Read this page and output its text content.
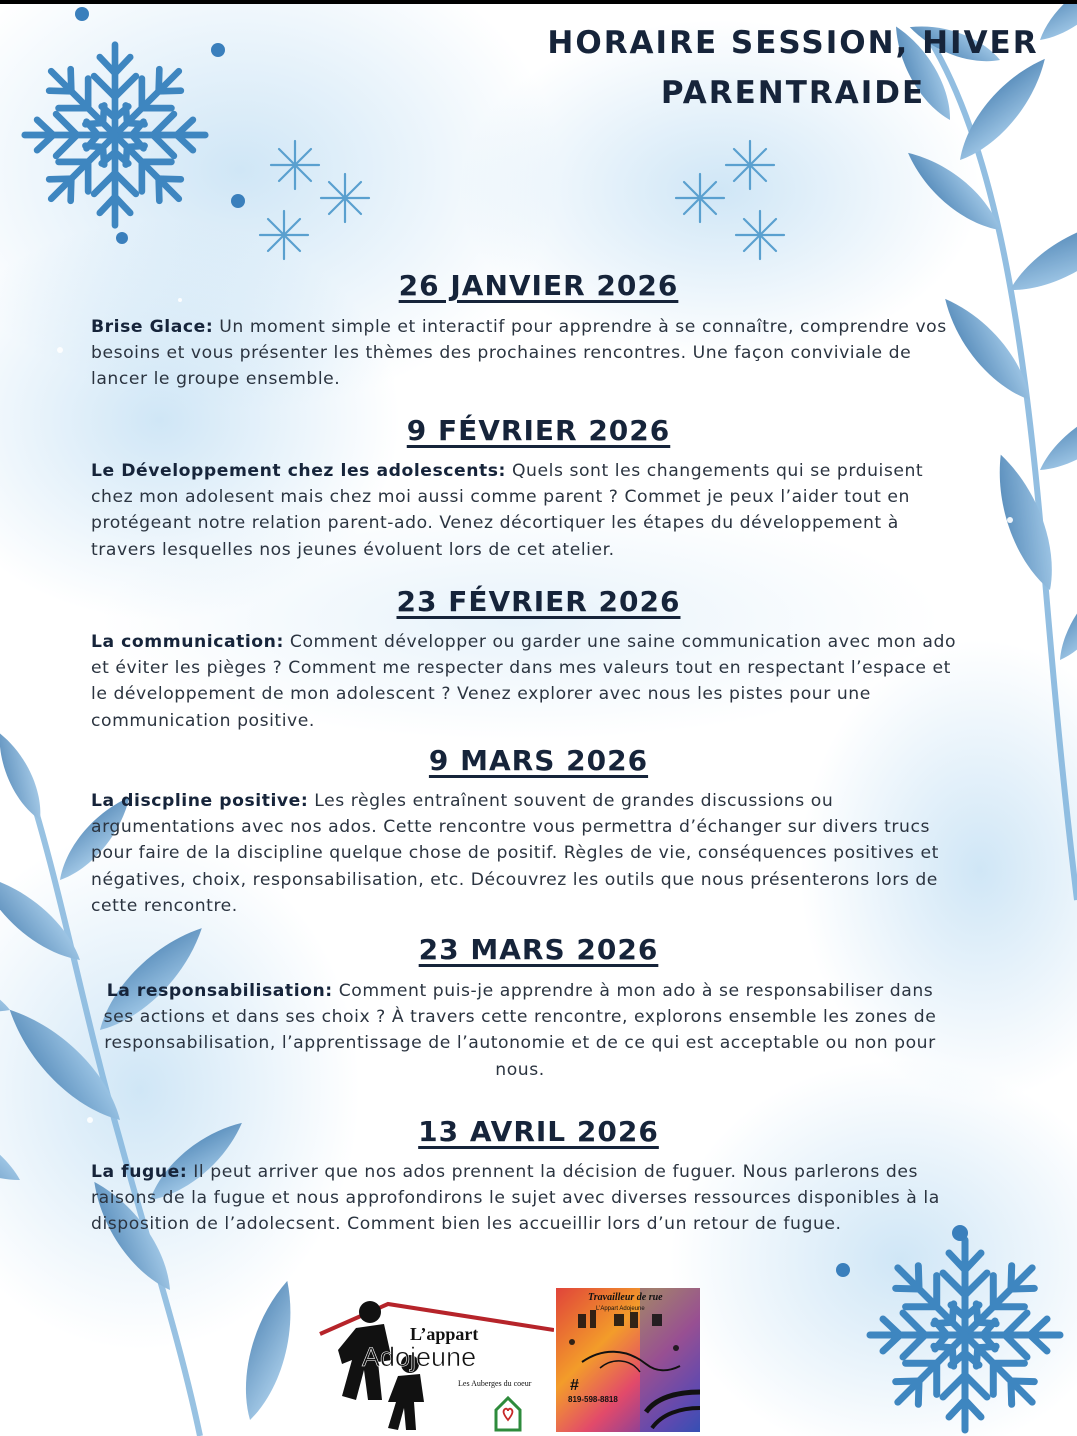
HORAIRE SESSION, HIVER
PARENTRAIDE
26 JANVIER 2026
Brise Glace: Un moment simple et interactif pour apprendre à se connaître, comprendre vos besoins et vous présenter les thèmes des prochaines rencontres. Une façon conviviale de lancer le groupe ensemble.
9 FÉVRIER 2026
Le Développement chez les adolescents: Quels sont les changements qui se prduisent chez mon adolesent mais chez moi aussi comme parent ? Commet je peux l’aider tout en protégeant notre relation parent-ado. Venez décortiquer les étapes du développement à travers lesquelles nos jeunes évoluent lors de cet atelier.
23 FÉVRIER 2026
La communication: Comment développer ou garder une saine communication avec mon ado et éviter les pièges ? Comment me respecter dans mes valeurs tout en respectant l’espace et le développement de mon adolescent ? Venez explorer avec nous les pistes pour une communication positive.
9 MARS 2026
La discpline positive: Les règles entraînent souvent de grandes discussions ou argumentations avec nos ados. Cette rencontre vous permettra d’échanger sur divers trucs pour faire de la discipline quelque chose de positif. Règles de vie, conséquences positives et négatives, choix, responsabilisation, etc. Découvrez les outils que nous présenterons lors de cette rencontre.
23 MARS 2026
La responsabilisation: Comment puis-je apprendre à mon ado à se responsabiliser dans ses actions et dans ses choix ? À travers cette rencontre, explorons ensemble les zones de responsabilisation, l’apprentissage de l’autonomie et de ce qui est acceptable ou non pour nous.
13 AVRIL 2026
La fugue: Il peut arriver que nos ados prennent la décision de fuguer. Nous parlerons des raisons de la fugue et nous approfondirons le sujet avec diverses ressources disponibles à la disposition de l’adolecsent. Comment bien les accueillir lors d’un retour de fugue.
L’appart
Adojeune
Les Auberges du coeur #
Travailleur de rue
L’Appart Adojeune
819-598-8818
